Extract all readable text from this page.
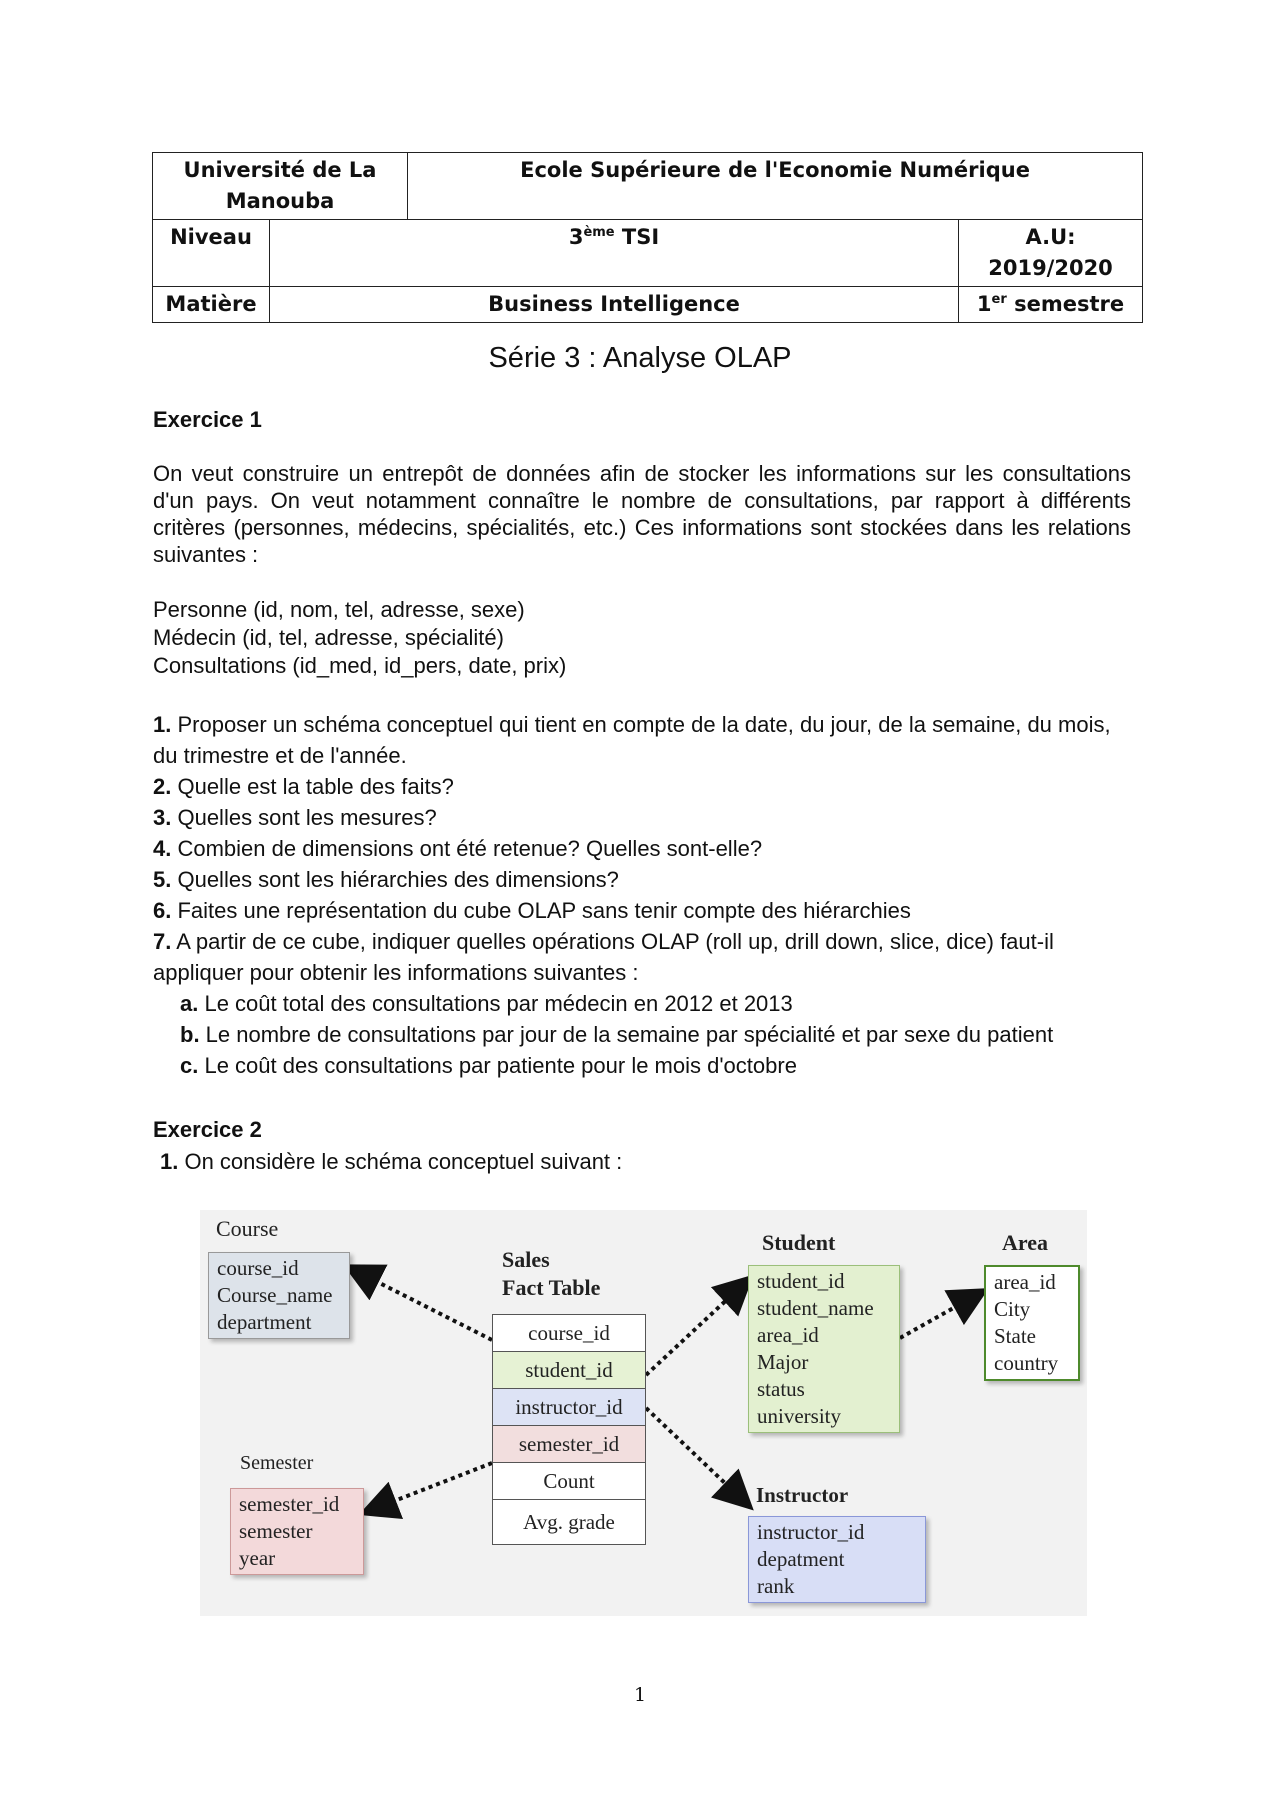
Université de La Manouba		Ecole Supérieure de l'Economie Numérique	
Niveau	3ème TSI		A.U: 2019/2020
Matière	Business Intelligence		1er semestre
Série 3 : Analyse OLAP
Exercice 1
On veut construire un entrepôt de données afin de stocker les informations sur les consultations d'un pays. On veut notamment connaître le nombre de consultations, par rapport à différents critères (personnes, médecins, spécialités, etc.) Ces informations sont stockées dans les relations suivantes :
Personne (id, nom, tel, adresse, sexe)
Médecin (id, tel, adresse, spécialité)
Consultations (id_med, id_pers, date, prix)
1. Proposer un schéma conceptuel qui tient en compte de la date, du jour, de la semaine, du mois, du trimestre et de l'année.
2. Quelle est la table des faits?
3. Quelles sont les mesures?
4. Combien de dimensions ont été retenue? Quelles sont-elle?
5. Quelles sont les hiérarchies des dimensions?
6. Faites une représentation du cube OLAP sans tenir compte des hiérarchies
7. A partir de ce cube, indiquer quelles opérations OLAP (roll up, drill down, slice, dice) faut-il appliquer pour obtenir les informations suivantes :
a. Le coût total des consultations par médecin en 2012 et 2013
b. Le nombre de consultations par jour de la semaine par spécialité et par sexe du patient
c. Le coût des consultations par patiente pour le mois d'octobre
Exercice 2
1. On considère le schéma conceptuel suivant :
Course
course_id
Course_name
department
Sales
Fact Table
course_id
student_id
instructor_id
semester_id
Count
Avg. grade
Student
student_id
student_name
area_id
Major
status
university
Area
area_id
City
State
country
Semester
semester_id
semester
year
Instructor
instructor_id
depatment
rank
1
